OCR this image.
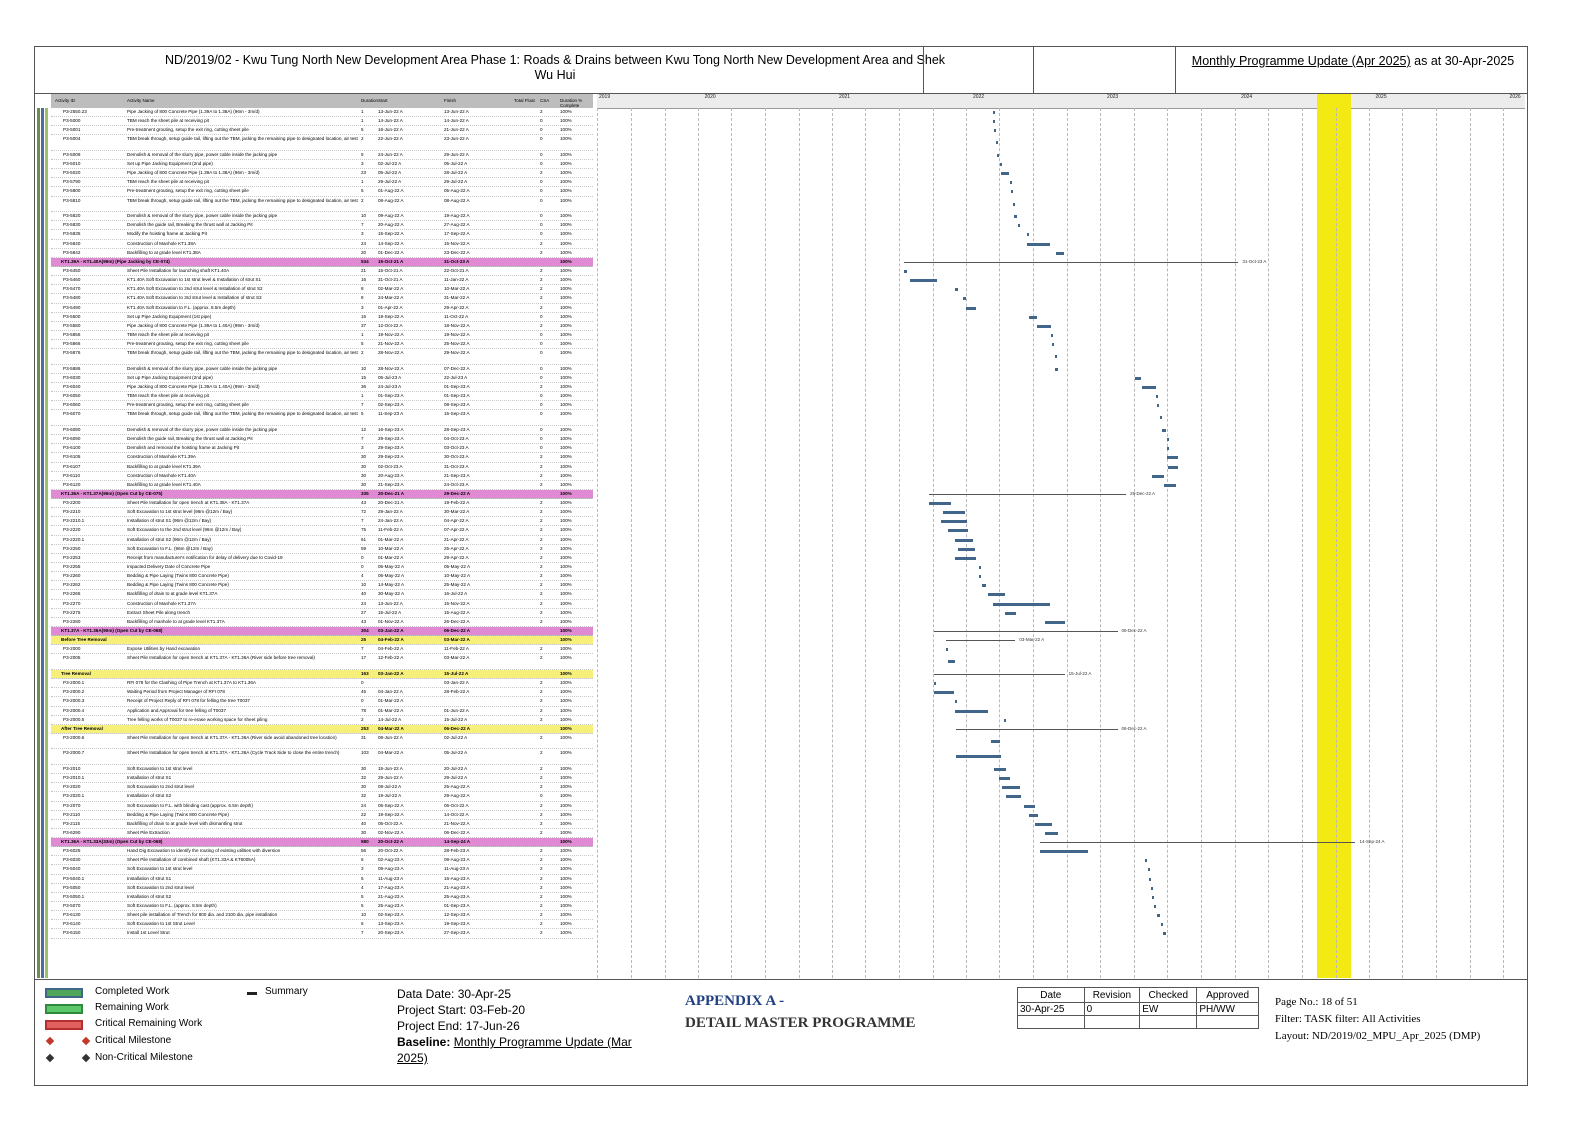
ND/2019/02 - Kwu Tung North New Development Area Phase 1: Roads & Drains between Kwu Tong North New Development Area and Shek Wu Hui
Monthly Programme Update (Apr 2025) as at 30-Apr-2025
Activity ID	Activity Name	Duration Start	Finish	Total Float CSA Duration % Complete
P3-2550.23	Pipe Jacking of 800 Concrete Pipe (1.39A to 1.38A) (96m - 3m/d)	1	13-Jun-22 A	13-Jun-22 A	2	100%
P3-5000	TBM reach the sheet pile at receiving pit	1	14-Jun-22 A	14-Jun-22 A	0	100%
P3-5001	Pre-treatment grouting, setup the exit ring, cutting sheet pile	5	16-Jun-22 A	21-Jun-22 A	0	100%
P3-5004	TBM break through, setup guide rail, lifting out the TBM, jacking the remaining pipe to designated location, air test 2	22-Jun-22 A	23-Jun-22 A	0	100%
P3-5009	Demolish & removal of the slurry pipe, power cable inside the jacking pipe	5	24-Jun-22 A	29-Jun-22 A	0	100%
P3-5010	Set up Pipe Jacking Equipment (2nd pipe)	3	02-Jul-22 A	05-Jul-22 A	0	100%
P3-5020	Pipe Jacking of 800 Concrete Pipe (1.39A to 1.38A) (96m - 3m/d)	23	05-Jul-22 A	28-Jul-22 A	2	100%
P3-5790	TBM reach the sheet pile at receiving pit	1	29-Jul-22 A	29-Jul-22 A	0	100%
P3-5800	Pre-treatment grouting, setup the exit ring, cutting sheet pile	5	01-Aug-22 A	05-Aug-22 A	0	100%
P3-5810	TBM break through, setup guide rail, lifting out the TBM, jacking the remaining pipe to designated location, air test 2	08-Aug-22 A	08-Aug-22 A	0	100%
P3-5820	Demolish & removal of the slurry pipe, power cable inside the jacking pipe	10	09-Aug-22 A	19-Aug-22 A	0	100%
P3-5830	Demolish the guide rail, Breaking the thrust wall at Jacking Pit	7	20-Aug-22 A	27-Aug-22 A	0	100%
P3-5835	Modify the hoisting frame at Jacking Pit	3	15-Sep-22 A	17-Sep-22 A	0	100%
P3-5840	Construction of Manhole KT1.38A	24	14-Sep-22 A	15-Nov-22 A	2	100%
P3-5842	Backfilling to at grade level KT1.38A	20	01-Dec-22 A	23-Dec-22 A	2	100%
KT1.39A - KT1.40A(99m) (Pipe Jacking by CE-074)	534 15-Oct-21 A	31-Oct-23 A	100%
P3-6450	Sheet Pile Installation for launching shaft KT1.40A	21	15-Oct-21 A	22-Oct-21 A	2	100%
P3-5460	KT1.40A Soft Excavation to 1st strut level & Installation of strut S1	16	31-Oct-21 A	11-Jan-22 A	2	100%
P3-5470	KT1.40A Soft Excavation to 2nd strut level & Installation of strut S2	8	02-Mar-22 A	10-Mar-22 A	2	100%
P3-5480	KT1.40A Soft Excavation to 3rd strut level & Installation of strut S3	8	24-Mar-22 A	31-Mar-22 A	2	100%
P3-5490	KT1.40A Soft Excavation to F.L. (approx. 8.5m depth)	3	01-Apr-22 A	29-Apr-22 A	2	100%
P3-5500	Set up Pipe Jacking Equipment (1st pipe)	15	19-Sep-22 A	11-Oct-22 A	0	100%
P3-5580	Pipe Jacking of 800 Concrete Pipe (1.39A to 1.40A) (99m - 3m/d)	37	12-Oct-22 A	18-Nov-22 A	2	100%
P3-5856	TBM reach the sheet pile at receiving pit	1	19-Nov-22 A	19-Nov-22 A	0	100%
P3-5866	Pre-treatment grouting, setup the exit ring, cutting sheet pile	5	21-Nov-22 A	25-Nov-22 A	0	100%
P3-5876	TBM break through, setup guide rail, lifting out the TBM, jacking the remaining pipe to designated location, air test 2	28-Nov-22 A	29-Nov-22 A	0	100%
P3-5886	Demolish & removal of the slurry pipe, power cable inside the jacking pipe	10	28-Nov-22 A	07-Dec-22 A	0	100%
P3-6030	Set up Pipe Jacking Equipment (2nd pipe)	15	05-Jul-23 A	22-Jul-23 A	0	100%
P3-6040	Pipe Jacking of 800 Concrete Pipe (1.39A to 1.40A) (99m - 3m/d)	36	24-Jul-23 A	01-Sep-23 A	2	100%
P3-6050	TBM reach the sheet pile at receiving pit	1	01-Sep-23 A	01-Sep-23 A	0	100%
P3-6060	Pre-treatment grouting, setup the exit ring, cutting sheet pile	7	02-Sep-23 A	08-Sep-23 A	0	100%
P3-6070	TBM break through, setup guide rail, lifting out the TBM, jacking the remaining pipe to designated location, air test 5	11-Sep-23 A	15-Sep-23 A	0	100%
P3-6080	Demolish & removal of the slurry pipe, power cable inside the jacking pipe	12	16-Sep-23 A	28-Sep-23 A	0	100%
P3-6090	Demolish the guide rail, Breaking the thrust wall at Jacking Pit	7	29-Sep-23 A	04-Oct-23 A	0	100%
P3-6100	Demolish and removal the hoisting frame at Jacking Pit	3	29-Sep-23 A	03-Oct-23 A	0	100%
P3-6105	Construction of Manhole KT1.39A	30	29-Sep-23 A	30-Oct-23 A	2	100%
P3-6107	Backfilling to at grade level KT1.39A	30	02-Oct-23 A	31-Oct-23 A	2	100%
P3-6110	Construction of Manhole KT1.40A	30	20-Aug-23 A	21-Sep-23 A	2	100%
P3-6120	Backfilling to at grade level KT1.40A	30	21-Sep-23 A	24-Oct-23 A	2	100%
KT1.36A - KT1.37A(96m) (Open Cut by CE-075)	335 20-Dec-21 A	29-Dec-22 A	100%
P3-2200	Sheet Pile Installation for open trench at KT1.38A - KT1.37A	43	20-Dec-21 A	19-Feb-22 A	2	100%
P3-2210	Soft Excavation to 1st strut level (96m @12m / Bay)	72	29-Jan-22 A	30-Mar-22 A	2	100%
P3-2210.1	Installation of strut S1 (96m @12m / Bay)	7	24-Jan-22 A	04-Apr-22 A	2	100%
P3-2220	Soft Excavation to the 2nd strut level (96m @12m / Bay)	75	11-Feb-22 A	07-Apr-22 A	2	100%
P3-2220.1	Installation of strut S2 (96m @12m / Bay)	61	01-Mar-22 A	21-Apr-22 A	2	100%
P3-2250	Soft Excavation to F.L. (96m @12m / Bay)	59	10-Mar-22 A	25-Apr-22 A	2	100%
P3-2253	Receipt from manufacturer's notification for delay of delivery due to Covid-19	0	01-Mar-22 A	29-Apr-22 A	2	100%
P3-2255	Impacted Delivery Date of Concrete Pipe	0	05-May-22 A	05-May-22 A	2	100%
P3-2260	Bedding & Pipe Laying (Twins 800 Concrete Pipe)	4	06-May-22 A	10-May-22 A	2	100%
P3-2262	Bedding & Pipe Laying (Twins 800 Concrete Pipe)	10	14-May-22 A	25-May-22 A	2	100%
P3-2265	Backfilling of drain to at grade level KT1.37A	40	30-May-22 A	16-Jul-22 A	2	100%
P3-2270	Construction of Manhole KT1.37A	24	13-Jun-22 A	15-Nov-22 A	2	100%
P3-2275	Extract Sheet Pile along trench	27	15-Jul-22 A	15-Aug-22 A	2	100%
P3-2280	Backfilling of manhole to at grade level KT1.37A	43	01-Nov-22 A	26-Dec-22 A	2	100%
KT1.37A - KT1.36A(90m) (Open Cut by CE-068)	304 03-Jan-22 A	06-Dec-22 A	100%
Before Tree Removal	25	04-Feb-22 A	03-Mar-22 A	100%
P3-2000	Expose Utilities by Hand excavation	7	04-Feb-22 A	11-Feb-22 A	2	100%
P3-2005	Sheet Pile Installation for open trench at KT1.37A - KT1.36A (River side before tree removal)	17	12-Feb-22 A	03-Mar-22 A	2	100%
Tree Removal	163 03-Jan-22 A	15-Jul-22 A	100%
P3-2000.1	RFI 078 for the Clashing of Pipe Trench at KT1.37A to KT1.36A	0	03-Jan-22 A	2	100%
P3-2000.2	Waiting Period from Project Manager of RFI 078	45	04-Jan-22 A	28-Feb-22 A	2	100%
P3-2000.3	Receipt of Project Reply of RFI 078 for felling the tree T0037	0	01-Mar-22 A	2	100%
P3-2000.4	Application and Approval for tree felling of T0037	78	01-Mar-22 A	01-Jun-22 A	2	100%
P3-2000.5	Tree felling works of T0037 to re-erase working space for sheet piling	2	14-Jul-22 A	15-Jul-22 A	2	100%
After Tree Removal	253 04-Mar-22 A	06-Dec-22 A	100%
P3-2000.6	Sheet Pile Installation for open trench at KT1.37A - KT1.36A (River side avoid abandoned tree location)	31	08-Jun-22 A	02-Jul-22 A	2	100%
P3-2000.7	Sheet Pile Installation for open trench at KT1.37A - KT1.36A (Cycle Track Side to close the entire trench)	103 04-Mar-22 A	05-Jul-22 A	2	100%
P3-2010	Soft Excavation to 1st strut level	30	15-Jun-22 A	20-Jul-22 A	2	100%
P3-2010.1	Installation of strut S1	32	29-Jun-22 A	29-Jul-22 A	2	100%
P3-2020	Soft Excavation to 2nd strut level	30	08-Jul-22 A	25-Aug-22 A	2	100%
P3-2020.1	Installation of strut S2	32	19-Jul-22 A	29-Aug-22 A	0	100%
P3-2070	Soft Excavation to F.L. with blinding cast (approx. 6.5m depth)	24	05-Sep-22 A	06-Oct-22 A	2	100%
P3-2110	Bedding & Pipe Laying (Twins 800 Concrete Pipe)	22	19-Sep-22 A	14-Oct-22 A	2	100%
P3-2115	Backfilling of drain to at grade level with dismantling strut	40	05-Oct-22 A	21-Nov-22 A	2	100%
P3-6290	Sheet Pile Extraction	30	02-Nov-22 A	06-Dec-22 A	2	100%
KT1.36A - KT1.33A(33m) (Open Cut by CE-068)	580 20-Oct-22 A	14-Sep-24 A	100%
P3-6025	Hand Dig Excavation to identify the routing of existing utilities with diversion	56	20-Oct-22 A	28-Feb-23 A	2	100%
P3-6030	Sheet Pile Installation of combined shaft (KT1.33A & KT6005A)	6	02-Aug-23 A	08-Aug-23 A	2	100%
P3-5040	Soft Excavation to 1st strut level	3	09-Aug-23 A	11-Aug-23 A	2	100%
P3-5040.1	Installation of strut S1	5	11-Aug-23 A	16-Aug-23 A	2	100%
P3-5050	Soft Excavation to 2nd strut level	4	17-Aug-23 A	21-Aug-23 A	2	100%
P3-5050.1	Installation of strut S2	5	21-Aug-23 A	25-Aug-23 A	2	100%
P3-5070	Soft Excavation to F.L. (approx. 8.5m depth)	5	25-Aug-23 A	01-Sep-23 A	2	100%
P3-6130	Sheet pile installation of Trench for 800 dia. and 2100 dia. pipe installation	10	02-Sep-23 A	12-Sep-23 A	2	100%
P3-6140	Soft Excavation to 1st Strut Level	6	13-Sep-23 A	19-Sep-23 A	2	100%
P3-6150	Install 1st Level Strut	7	20-Sep-23 A	27-Sep-23 A	2	100%
2019	2020	2021	2022	2023	2024	2025	2026
31-Oct-23 A
29-Dec-22 A
06-Dec-22 A
03-Mar-22 A
15-Jul-22 A
06-Dec-22 A
14-Sep-24 A
Completed Work
Remaining Work
Critical Remaining Work
Critical Milestone
Non-Critical Milestone
Summary	Data Date: 30-Apr-25
Project Start: 03-Feb-20
Project End: 17-Jun-26
Baseline: Monthly Programme Update (Mar 2025)
APPENDIX A -
DETAIL MASTER PROGRAMME
Date	Revision	Checked	Approved
30-Apr-25	0	EW	PH/WW

Page No.: 18 of 51
Filter: TASK filter: All Activities
Layout: ND/2019/02_MPU_Apr_2025 (DMP)
